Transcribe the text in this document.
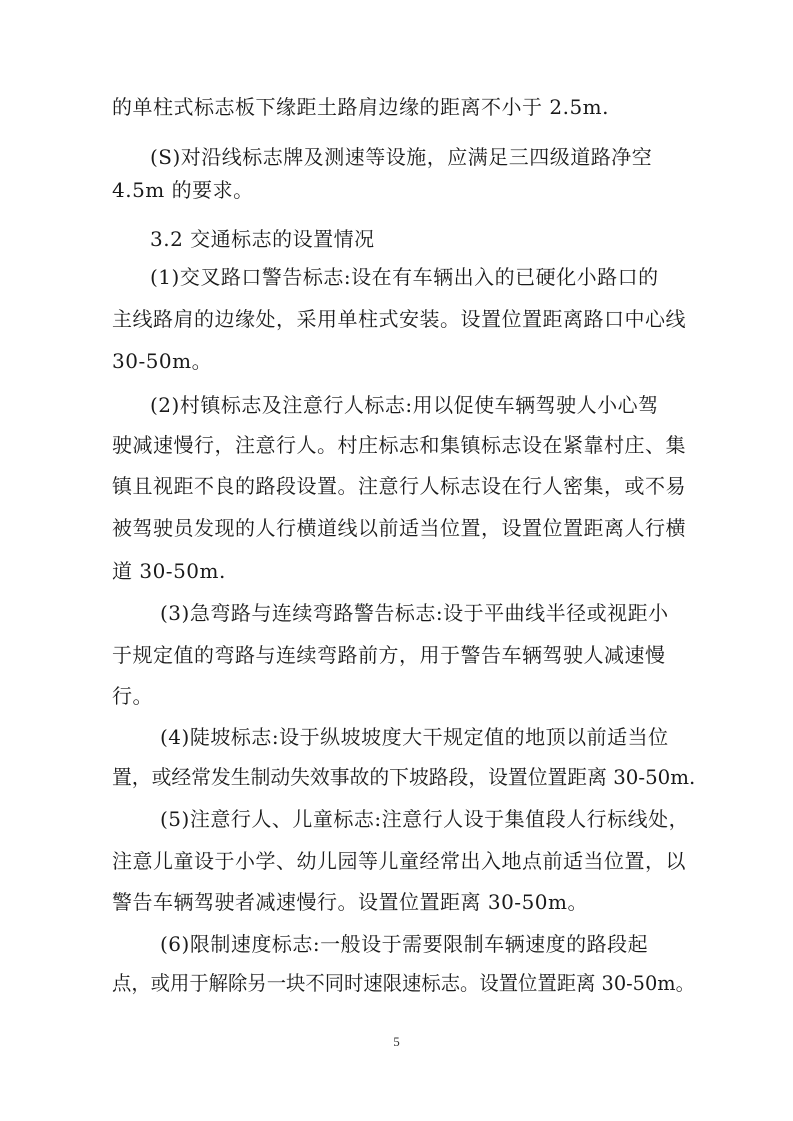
的单柱式标志板下缘距土路肩边缘的距离不小于 2.5m.
(S)对沿线标志牌及测速等设施，应满足三四级道路净空
4.5m 的要求。
3.2 交通标志的设置情况
(1)交叉路口警告标志:设在有车辆出入的已硬化小路口的
主线路肩的边缘处，采用单柱式安装。设置位置距离路口中心线
30-50m。
(2)村镇标志及注意行人标志:用以促使车辆驾驶人小心驾
驶减速慢行，注意行人。村庄标志和集镇标志设在紧靠村庄、集
镇且视距不良的路段设置。注意行人标志设在行人密集，或不易
被驾驶员发现的人行横道线以前适当位置，设置位置距离人行横
道 30-50m.
(3)急弯路与连续弯路警告标志:设于平曲线半径或视距小
于规定值的弯路与连续弯路前方，用于警告车辆驾驶人减速慢
行。
(4)陡坡标志:设于纵坡坡度大干规定值的地顶以前适当位
置，或经常发生制动失效事故的下坡路段，设置位置距离 30-50m.
(5)注意行人、儿童标志:注意行人设于集值段人行标线处，
注意儿童设于小学、幼儿园等儿童经常出入地点前适当位置，以
警告车辆驾驶者减速慢行。设置位置距离 30-50m。
(6)限制速度标志:一般设于需要限制车辆速度的路段起
点，或用于解除另一块不同时速限速标志。设置位置距离 30-50m。
5
